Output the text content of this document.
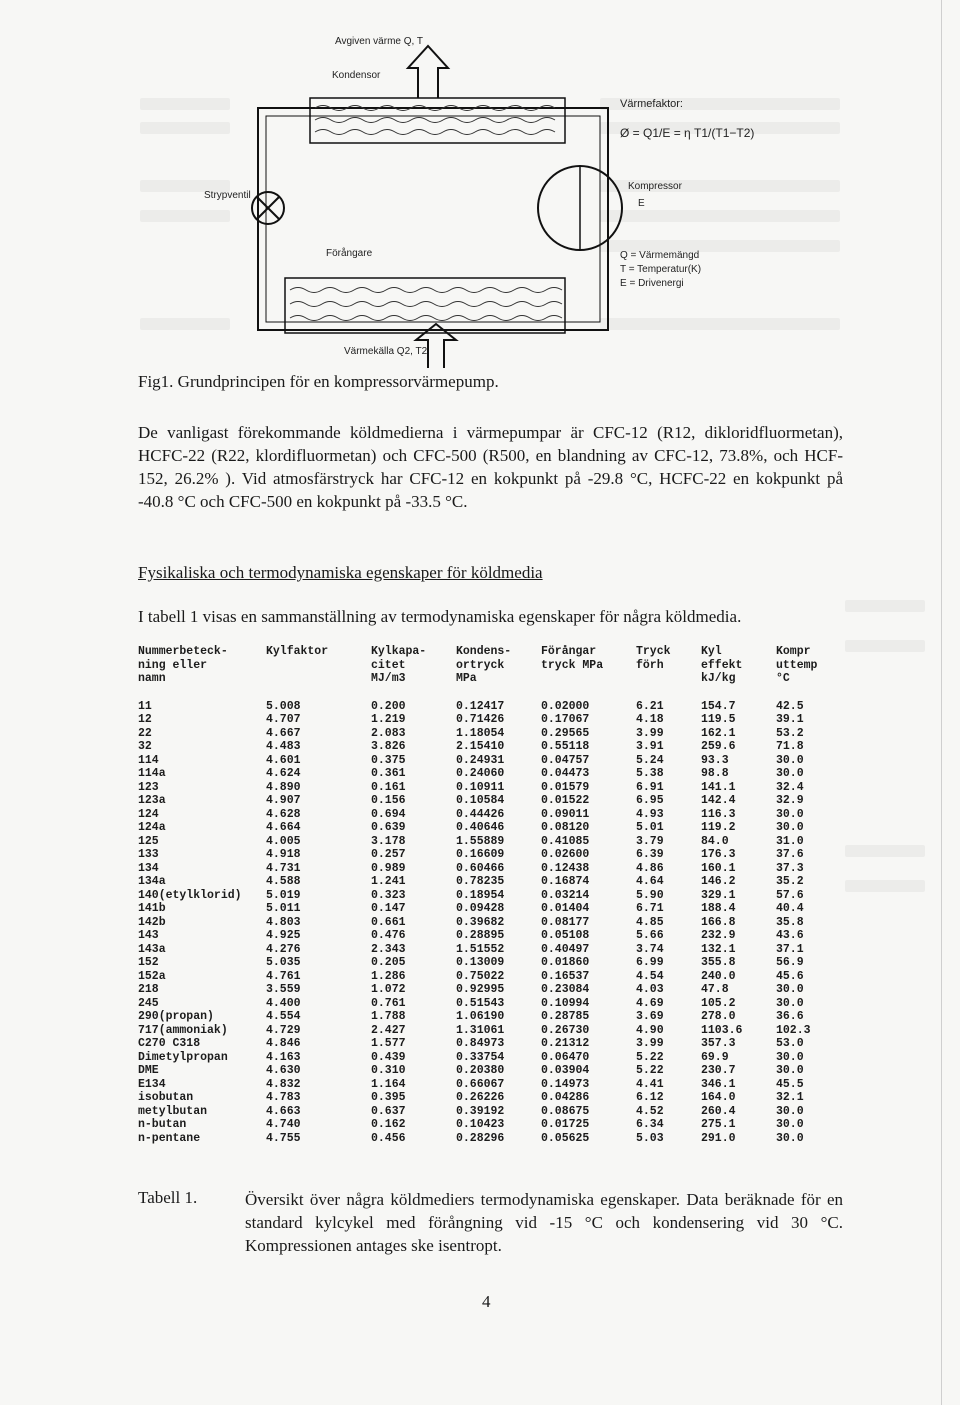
Avgiven värme Q, T
Kondensor
Värmefaktor:
Ø = Q1/E = η T1/(T1−T2)
Strypventil
Kompressor
E
Förångare	Q = Värmemängd
T = Temperatur(K)
E = Drivenergi
Värmekälla Q2, T2
Fig1. Grundprincipen för en kompressorvärmepump.

De vanligast förekommande köldmedierna i värmepumpar är CFC-12 (R12, dikloridfluormetan), HCFC-22 (R22, klordifluormetan) och CFC-500 (R500, en blandning av CFC-12, 73.8%, och HCF-152, 26.2% ). Vid atmosfärstryck har CFC-12 en kokpunkt på -29.8 °C, HCFC-22 en kokpunkt på -40.8 °C och CFC-500 en kokpunkt på -33.5 °C.

Fysikaliska och termodynamiska egenskaper för köldmedia

I tabell 1 visas en sammanställning av termodynamiska egenskaper för några köldmedia.

Nummerbeteck-	Kylfaktor	Kylkapa-	Kondens-	Förångar	Tryck	Kyl	Kompr
ning eller		citet	ortryck	tryck MPa	förh	effekt	uttemp
namn		MJ/m3	MPa			kJ/kg	°C

11	5.008	0.200	0.12417	0.02000	6.21	154.7	42.5
12	4.707	1.219	0.71426	0.17067	4.18	119.5	39.1
22	4.667	2.083	1.18054	0.29565	3.99	162.1	53.2
32	4.483	3.826	2.15410	0.55118	3.91	259.6	71.8
114	4.601	0.375	0.24931	0.04757	5.24	93.3	30.0
114a	4.624	0.361	0.24060	0.04473	5.38	98.8	30.0
123	4.890	0.161	0.10911	0.01579	6.91	141.1	32.4
123a	4.907	0.156	0.10584	0.01522	6.95	142.4	32.9
124	4.628	0.694	0.44426	0.09011	4.93	116.3	30.0
124a	4.664	0.639	0.40646	0.08120	5.01	119.2	30.0
125	4.005	3.178	1.55889	0.41085	3.79	84.0	31.0
133	4.918	0.257	0.16609	0.02600	6.39	176.3	37.6
134	4.731	0.989	0.60466	0.12438	4.86	160.1	37.3
134a	4.588	1.241	0.78235	0.16874	4.64	146.2	35.2
140(etylklorid)	5.019	0.323	0.18954	0.03214	5.90	329.1	57.6
141b	5.011	0.147	0.09428	0.01404	6.71	188.4	40.4
142b	4.803	0.661	0.39682	0.08177	4.85	166.8	35.8
143	4.925	0.476	0.28895	0.05108	5.66	232.9	43.6
143a	4.276	2.343	1.51552	0.40497	3.74	132.1	37.1
152	5.035	0.205	0.13009	0.01860	6.99	355.8	56.9
152a	4.761	1.286	0.75022	0.16537	4.54	240.0	45.6
218	3.559	1.072	0.92995	0.23084	4.03	47.8	30.0
245	4.400	0.761	0.51543	0.10994	4.69	105.2	30.0
290(propan)	4.554	1.788	1.06190	0.28785	3.69	278.0	36.6
717(ammoniak)	4.729	2.427	1.31061	0.26730	4.90	1103.6	102.3
C270 C318	4.846	1.577	0.84973	0.21312	3.99	357.3	53.0
Dimetylpropan	4.163	0.439	0.33754	0.06470	5.22	69.9	30.0
DME	4.630	0.310	0.20380	0.03904	5.22	230.7	30.0
E134	4.832	1.164	0.66067	0.14973	4.41	346.1	45.5
isobutan	4.783	0.395	0.26226	0.04286	6.12	164.0	32.1
metylbutan	4.663	0.637	0.39192	0.08675	4.52	260.4	30.0
n-butan	4.740	0.162	0.10423	0.01725	6.34	275.1	30.0
n-pentane	4.755	0.456	0.28296	0.05625	5.03	291.0	30.0
Tabell 1.	Översikt över några köldmediers termodynamiska egenskaper. Data beräknade för en standard kylcykel med förångning vid -15 °C och kondensering vid 30 °C. Kompressionen antages ske isentropt.
4
